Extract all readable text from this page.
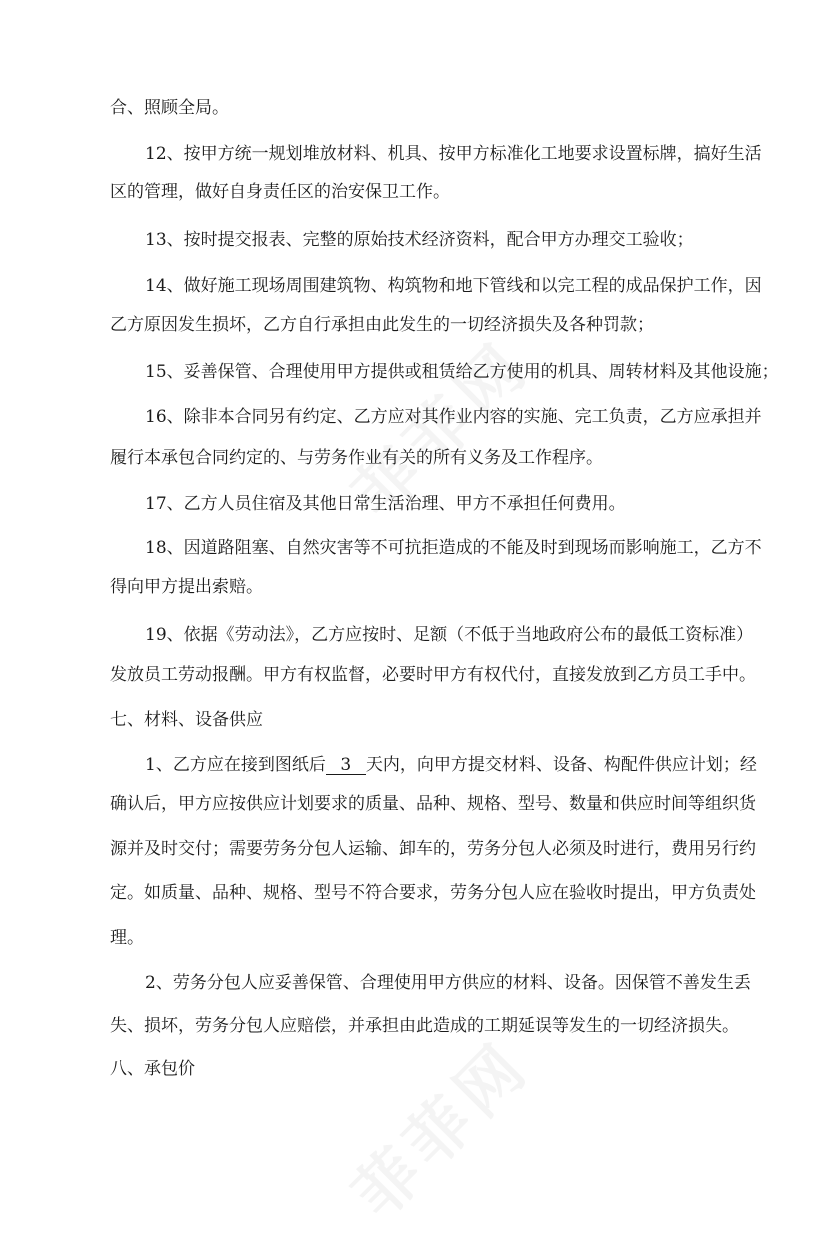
合、照顾全局。
12、按甲方统一规划堆放材料、机具、按甲方标准化工地要求设置标牌，搞好生活
区的管理，做好自身责任区的治安保卫工作。
13、按时提交报表、完整的原始技术经济资料，配合甲方办理交工验收；
14、做好施工现场周围建筑物、构筑物和地下管线和以完工程的成品保护工作，因
乙方原因发生损坏，乙方自行承担由此发生的一切经济损失及各种罚款；
15、妥善保管、合理使用甲方提供或租赁给乙方使用的机具、周转材料及其他设施；
16、除非本合同另有约定、乙方应对其作业内容的实施、完工负责，乙方应承担并
履行本承包合同约定的、与劳务作业有关的所有义务及工作程序。
17、乙方人员住宿及其他日常生活治理、甲方不承担任何费用。
18、因道路阻塞、自然灾害等不可抗拒造成的不能及时到现场而影响施工，乙方不
得向甲方提出索赔。
19、依据《劳动法》，乙方应按时、足额（不低于当地政府公布的最低工资标准）
发放员工劳动报酬。甲方有权监督，必要时甲方有权代付，直接发放到乙方员工手中。
七、材料、设备供应
1、乙方应在接到图纸后 3 天内，向甲方提交材料、设备、构配件供应计划；经
确认后，甲方应按供应计划要求的质量、品种、规格、型号、数量和供应时间等组织货
源并及时交付；需要劳务分包人运输、卸车的，劳务分包人必须及时进行，费用另行约
定。如质量、品种、规格、型号不符合要求，劳务分包人应在验收时提出，甲方负责处
理。
2、劳务分包人应妥善保管、合理使用甲方供应的材料、设备。因保管不善发生丢
失、损坏，劳务分包人应赔偿，并承担由此造成的工期延误等发生的一切经济损失。
八、承包价
